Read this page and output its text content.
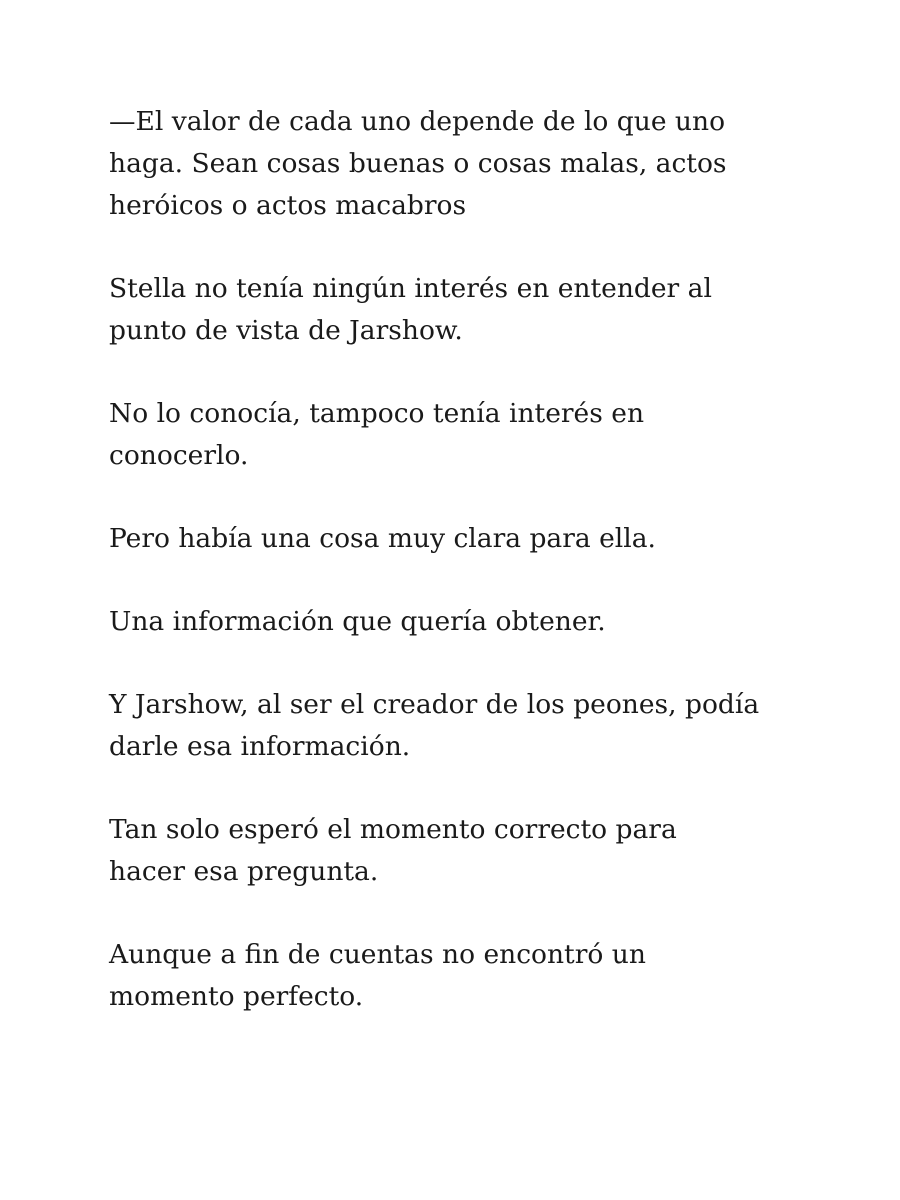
—El valor de cada uno depende de lo que uno
haga. Sean cosas buenas o cosas malas, actos
heróicos o actos macabros

Stella no tenía ningún interés en entender al
punto de vista de Jarshow.

No lo conocía, tampoco tenía interés en
conocerlo.

Pero había una cosa muy clara para ella.

Una información que quería obtener.

Y Jarshow, al ser el creador de los peones, podía
darle esa información.

Tan solo esperó el momento correcto para
hacer esa pregunta.

Aunque a fin de cuentas no encontró un
momento perfecto.
